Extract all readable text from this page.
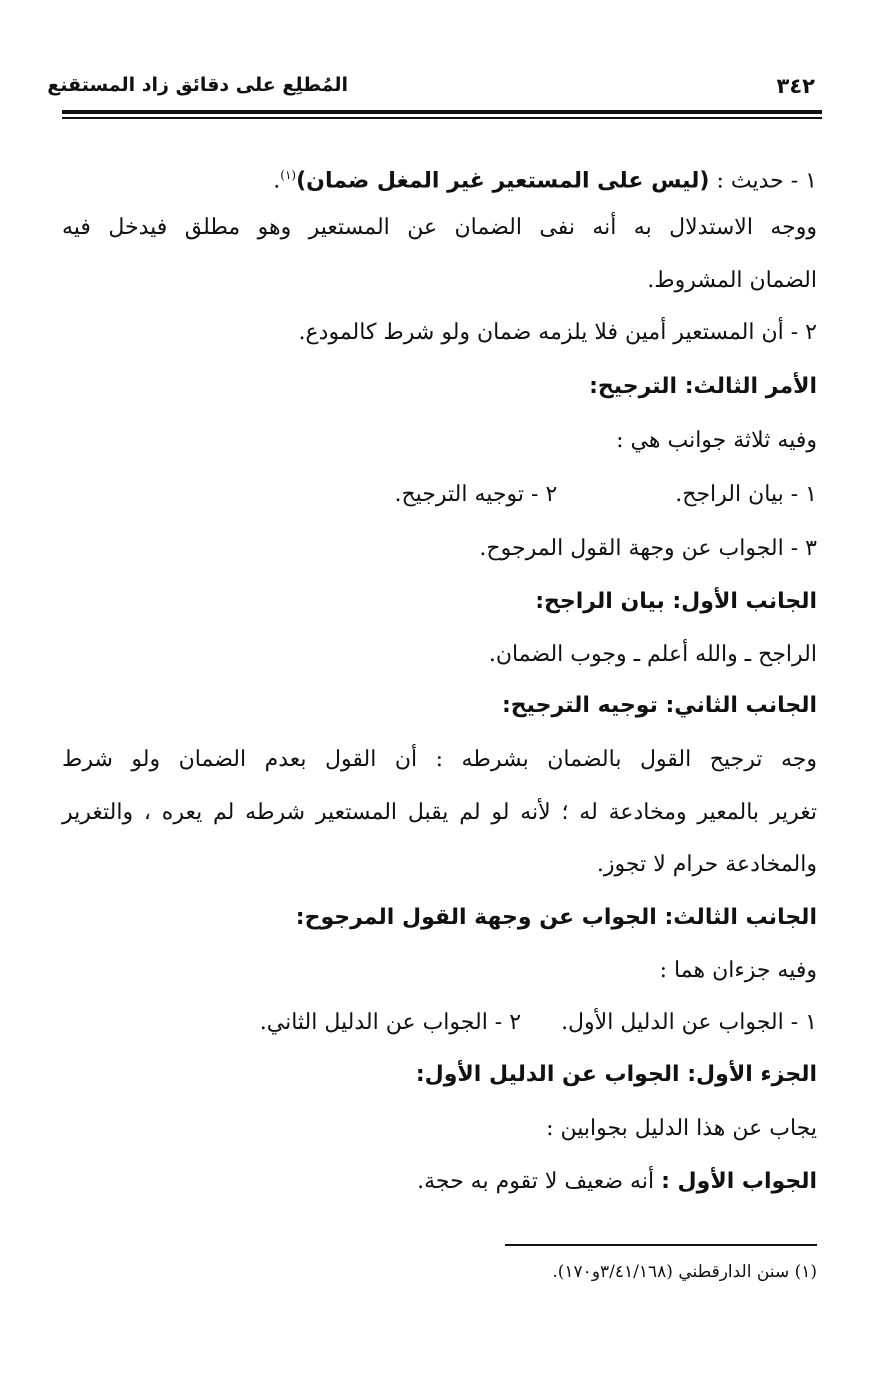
المُطلِع على دقائق زاد المستقنع	٣٤٢
١ - حديث : (ليس على المستعير غير المغل ضمان)$^{(١)}$.
ووجه الاستدلال به أنه نفى الضمان عن المستعير وهو مطلق فيدخل فيه
الضمان المشروط.
٢ - أن المستعير أمين فلا يلزمه ضمان ولو شرط كالمودع.
الأمر الثالث: الترجيح:
وفيه ثلاثة جوانب هي :
١ - بيان الراجح.٢ - توجيه الترجيح.
٣ - الجواب عن وجهة القول المرجوح.
الجانب الأول: بيان الراجح:
الراجح ـ والله أعلم ـ وجوب الضمان.
الجانب الثاني: توجيه الترجيح:
وجه ترجيح القول بالضمان بشرطه : أن القول بعدم الضمان ولو شرط
تغرير بالمعير ومخادعة له ؛ لأنه لو لم يقبل المستعير شرطه لم يعره ، والتغرير
والمخادعة حرام لا تجوز.
الجانب الثالث: الجواب عن وجهة القول المرجوح:
وفيه جزءان هما :
١ - الجواب عن الدليل الأول.٢ - الجواب عن الدليل الثاني.
الجزء الأول: الجواب عن الدليل الأول:
يجاب عن هذا الدليل بجوابين :
الجواب الأول : أنه ضعيف لا تقوم به حجة.
(١) سنن الدارقطني (٣/٤١/١٦٨و١٧٠).
